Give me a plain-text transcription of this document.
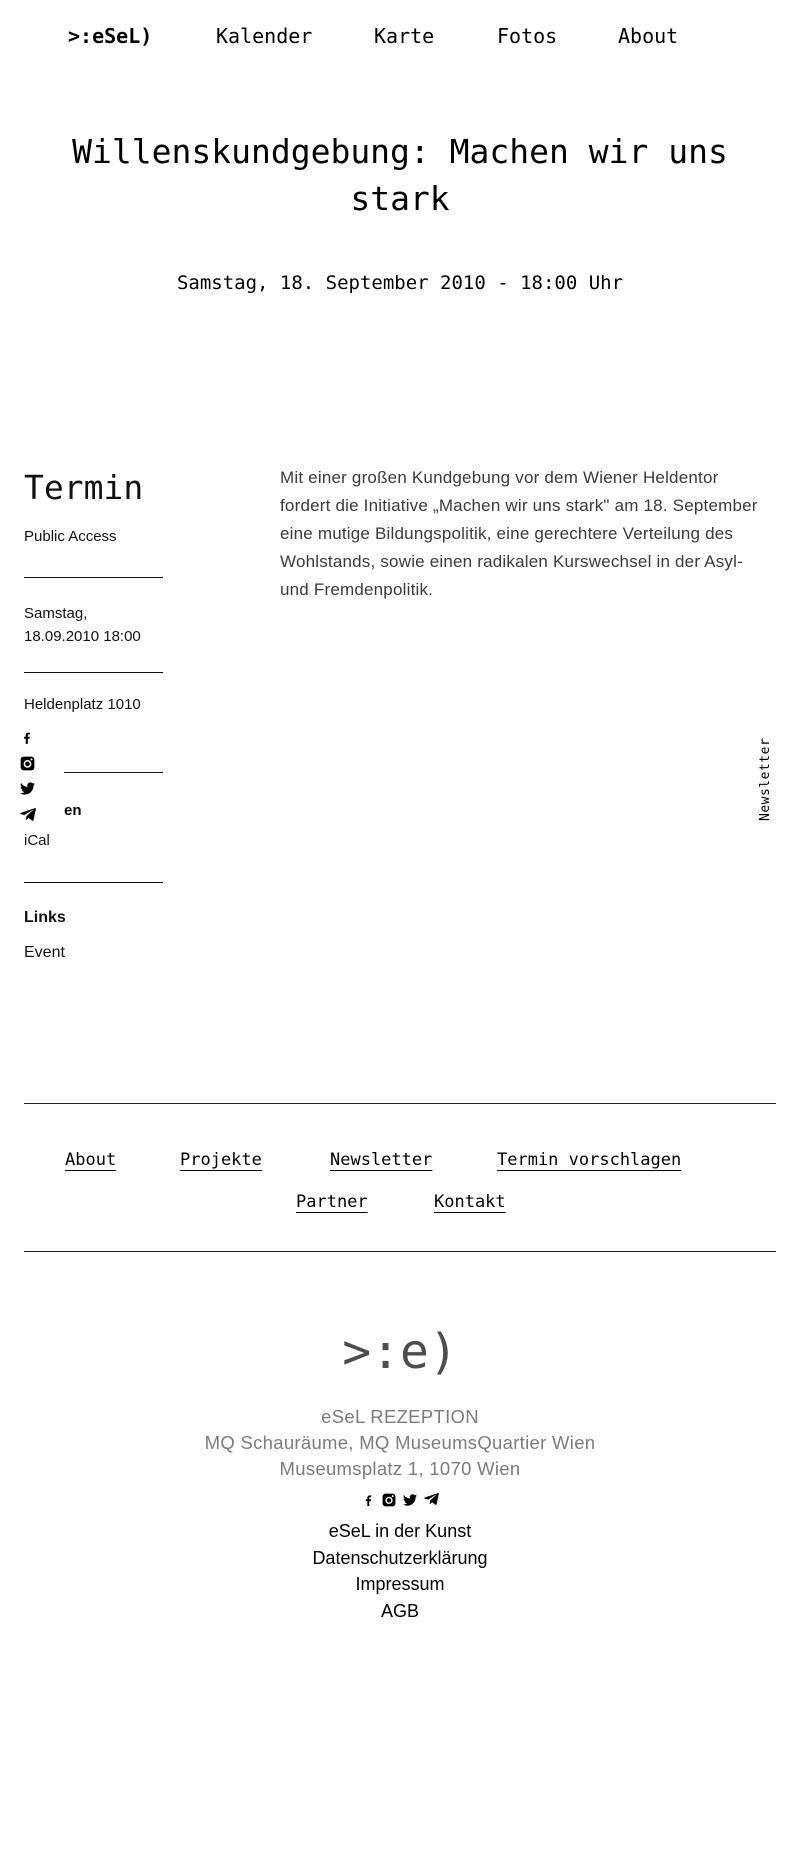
>:eSeL)	Kalender	Karte	Fotos	About
Willenskundgebung: Machen wir uns stark
Samstag, 18. September 2010 - 18:00 Uhr
Termin
Public Access
Samstag,
18.09.2010 18:00
Heldenplatz 1010
en
iCal
Links
Event

Mit einer großen Kundgebung vor dem Wiener Heldentor fordert die Initiative „Machen wir uns stark" am 18. September eine mutige Bildungspolitik, eine gerechtere Verteilung des Wohlstands, sowie einen radikalen Kurswechsel in der Asyl- und Fremdenpolitik.

Newsletter
About	Projekte	Newsletter	Termin vorschlagen
Partner	Kontakt
>:e)
eSeL REZEPTION
MQ Schauräume, MQ MuseumsQuartier Wien
Museumsplatz 1, 1070 Wien
eSeL in der Kunst
Datenschutzerklärung
Impressum
AGB
